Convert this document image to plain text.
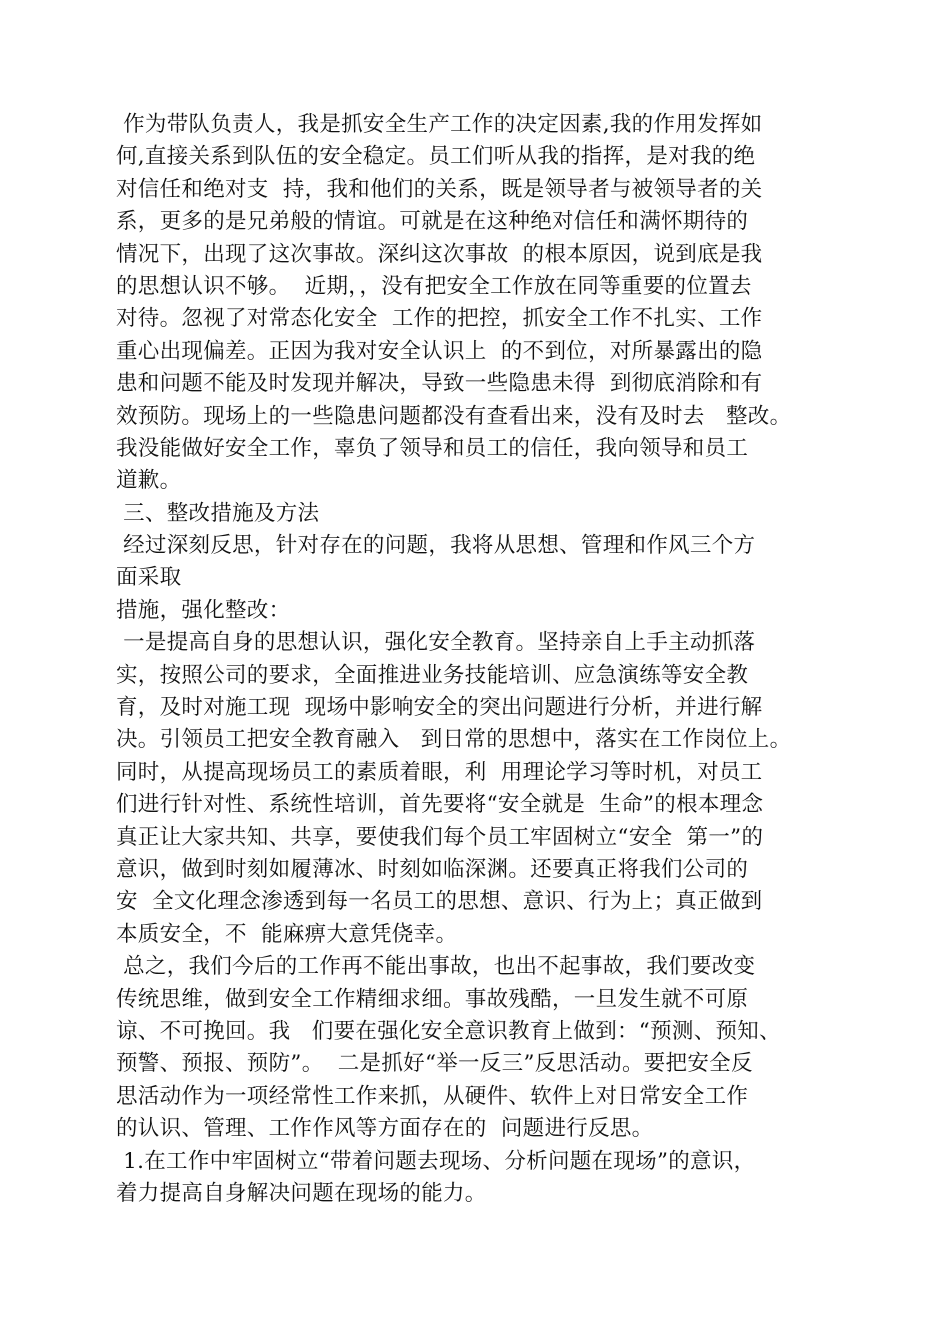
作为带队负责人，我是抓安全生产工作的决定因素,我的作用发挥如
何,直接关系到队伍的安全稳定。员工们听从我的指挥，是对我的绝
对信任和绝对支  持，我和他们的关系，既是领导者与被领导者的关
系，更多的是兄弟般的情谊。可就是在这种绝对信任和满怀期待的
情况下，出现了这次事故。深纠这次事故  的根本原因，说到底是我
的思想认识不够。  近期，，没有把安全工作放在同等重要的位置去
对待。忽视了对常态化安全  工作的把控，抓安全工作不扎实、工作
重心出现偏差。正因为我对安全认识上  的不到位，对所暴露出的隐
患和问题不能及时发现并解决，导致一些隐患未得  到彻底消除和有
效预防。现场上的一些隐患问题都没有查看出来，没有及时去   整改。
我没能做好安全工作，辜负了领导和员工的信任，我向领导和员工
道歉。
三、整改措施及方法
经过深刻反思，针对存在的问题，我将从思想、管理和作风三个方
面采取
措施，强化整改：
一是提高自身的思想认识，强化安全教育。坚持亲自上手主动抓落
实，按照公司的要求，全面推进业务技能培训、应急演练等安全教
育，及时对施工现  现场中影响安全的突出问题进行分析，并进行解
决。引领员工把安全教育融入   到日常的思想中，落实在工作岗位上。
同时，从提高现场员工的素质着眼，利  用理论学习等时机，对员工
们进行针对性、系统性培训，首先要将“安全就是  生命”的根本理念
真正让大家共知、共享，要使我们每个员工牢固树立“安全  第一”的
意识，做到时刻如履薄冰、时刻如临深渊。还要真正将我们公司的
安  全文化理念渗透到每一名员工的思想、意识、行为上；真正做到
本质安全，不  能麻痹大意凭侥幸。
总之，我们今后的工作再不能出事故，也出不起事故，我们要改变
传统思维，做到安全工作精细求细。事故残酷，一旦发生就不可原
谅、不可挽回。我   们要在强化安全意识教育上做到：“预测、预知、
预警、预报、预防”。  二是抓好“举一反三”反思活动。要把安全反
思活动作为一项经常性工作来抓，从硬件、软件上对日常安全工作
的认识、管理、工作作风等方面存在的  问题进行反思。
1.在工作中牢固树立“带着问题去现场、分析问题在现场”的意识，
着力提高自身解决问题在现场的能力。
